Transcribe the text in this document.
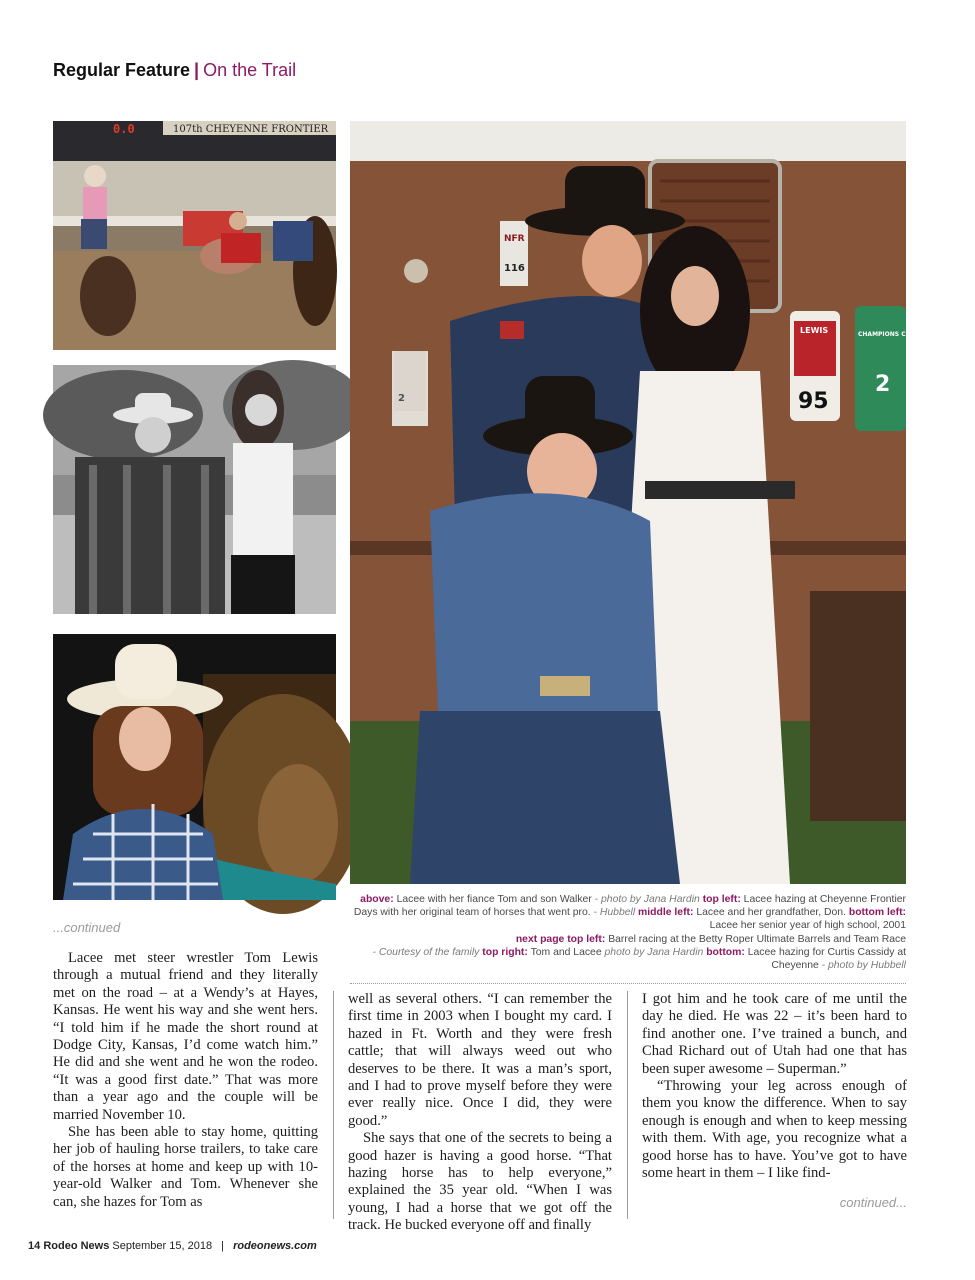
Regular Feature | On the Trail
0.0	107th CHEYENNE FRONTIER
NFR
116
LEWIS
95
CHAMPIONS CHALLENGE
2
2
above: Lacee with her fiance Tom and son Walker - photo by Jana Hardin top left: Lacee hazing at Cheyenne Frontier Days with her original team of horses that went pro. - Hubbell middle left: Lacee and her grandfather, Don. bottom left: Lacee her senior year of high school, 2001
next page top left: Barrel racing at the Betty Roper Ultimate Barrels and Team Race
- Courtesy of the family top right: Tom and Lacee photo by Jana Hardin bottom: Lacee hazing for Curtis Cassidy at Cheyenne - photo by Hubbell
...continued

Lacee met steer wrestler Tom Lewis through a mutual friend and they literally met on the road – at a Wendy’s at Hayes, Kansas. He went his way and she went hers. “I told him if he made the short round at Dodge City, Kansas, I’d come watch him.” He did and she went and he won the rodeo. “It was a good first date.” That was more than a year ago and the couple will be married November 10.

She has been able to stay home, quitting her job of hauling horse trailers, to take care of the horses at home and keep up with 10-year-old Walker and Tom. Whenever she can, she hazes for Tom as

well as several others. “I can remember the first time in 2003 when I bought my card. I hazed in Ft. Worth and they were fresh cattle; that will always weed out who deserves to be there. It was a man’s sport, and I had to prove myself before they were ever really nice. Once I did, they were good.”

She says that one of the secrets to being a good hazer is having a good horse. “That hazing horse has to help everyone,” explained the 35 year old. “When I was young, I had a horse that we got off the track. He bucked everyone off and finally

I got him and he took care of me until the day he died. He was 22 – it’s been hard to find another one. I’ve trained a bunch, and Chad Richard out of Utah had one that has been super awesome – Superman.”

“Throwing your leg across enough of them you know the difference. When to say enough is enough and when to keep messing with them. With age, you recognize what a good horse has to have. You’ve got to have some heart in them – I like find-

continued...
14 Rodeo News September 15, 2018 | rodeonews.com
